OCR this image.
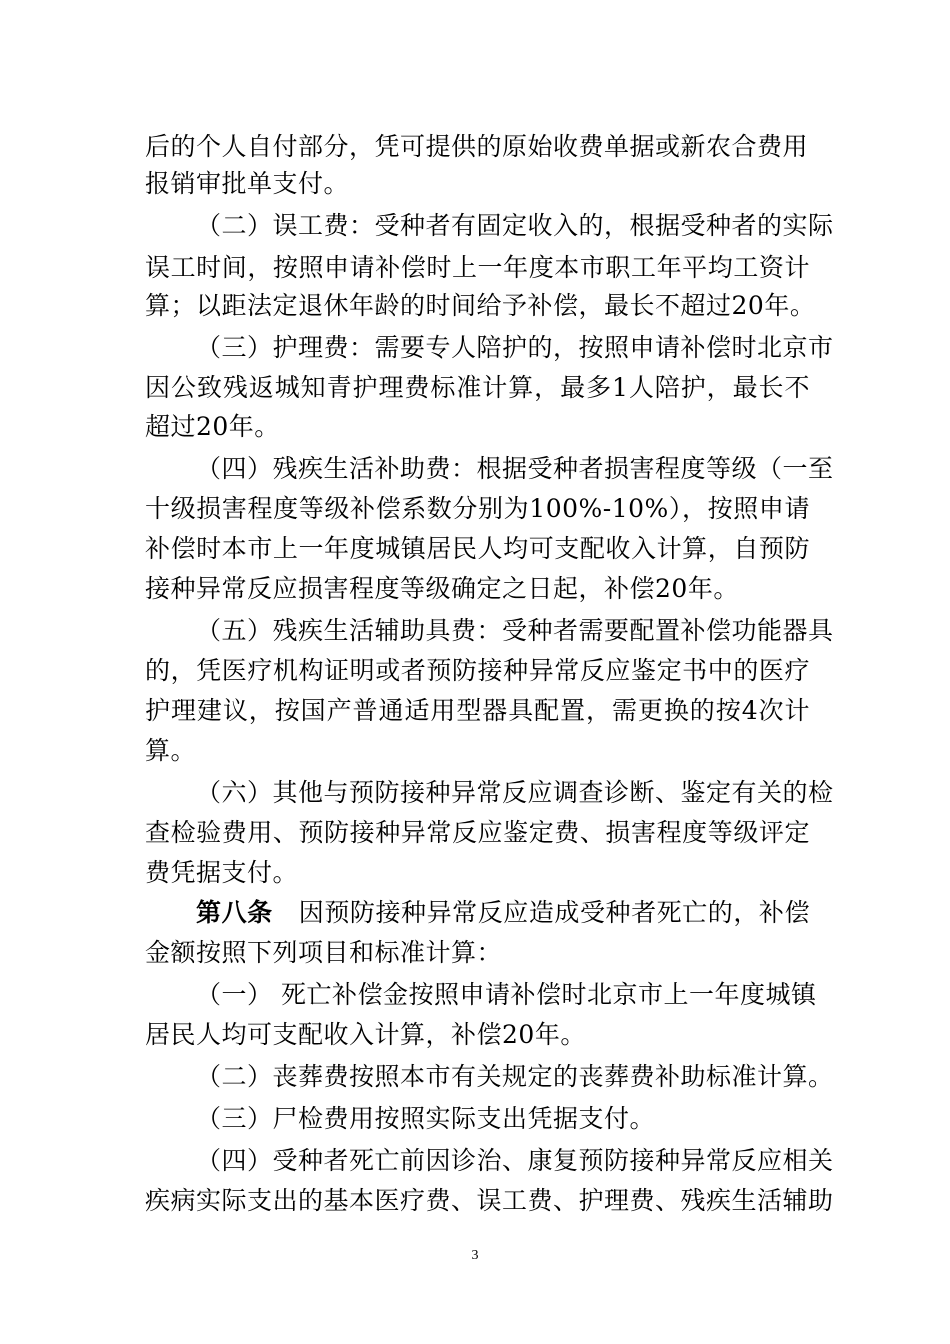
后的个人自付部分，凭可提供的原始收费单据或新农合费用
报销审批单支付。
（二）误工费：受种者有固定收入的，根据受种者的实际
误工时间，按照申请补偿时上一年度本市职工年平均工资计
算；以距法定退休年龄的时间给予补偿，最长不超过20年。
（三）护理费：需要专人陪护的，按照申请补偿时北京市
因公致残返城知青护理费标准计算，最多1人陪护，最长不
超过20年。
（四）残疾生活补助费：根据受种者损害程度等级（一至
十级损害程度等级补偿系数分别为100%-10%），按照申请
补偿时本市上一年度城镇居民人均可支配收入计算，自预防
接种异常反应损害程度等级确定之日起，补偿20年。
（五）残疾生活辅助具费：受种者需要配置补偿功能器具
的，凭医疗机构证明或者预防接种异常反应鉴定书中的医疗
护理建议，按国产普通适用型器具配置，需更换的按4次计
算。
（六）其他与预防接种异常反应调查诊断、鉴定有关的检
查检验费用、预防接种异常反应鉴定费、损害程度等级评定
费凭据支付。
第八条 因预防接种异常反应造成受种者死亡的，补偿
金额按照下列项目和标准计算：
（一） 死亡补偿金按照申请补偿时北京市上一年度城镇
居民人均可支配收入计算，补偿20年。
（二）丧葬费按照本市有关规定的丧葬费补助标准计算。
（三）尸检费用按照实际支出凭据支付。
（四）受种者死亡前因诊治、康复预防接种异常反应相关
疾病实际支出的基本医疗费、误工费、护理费、残疾生活辅助
3
